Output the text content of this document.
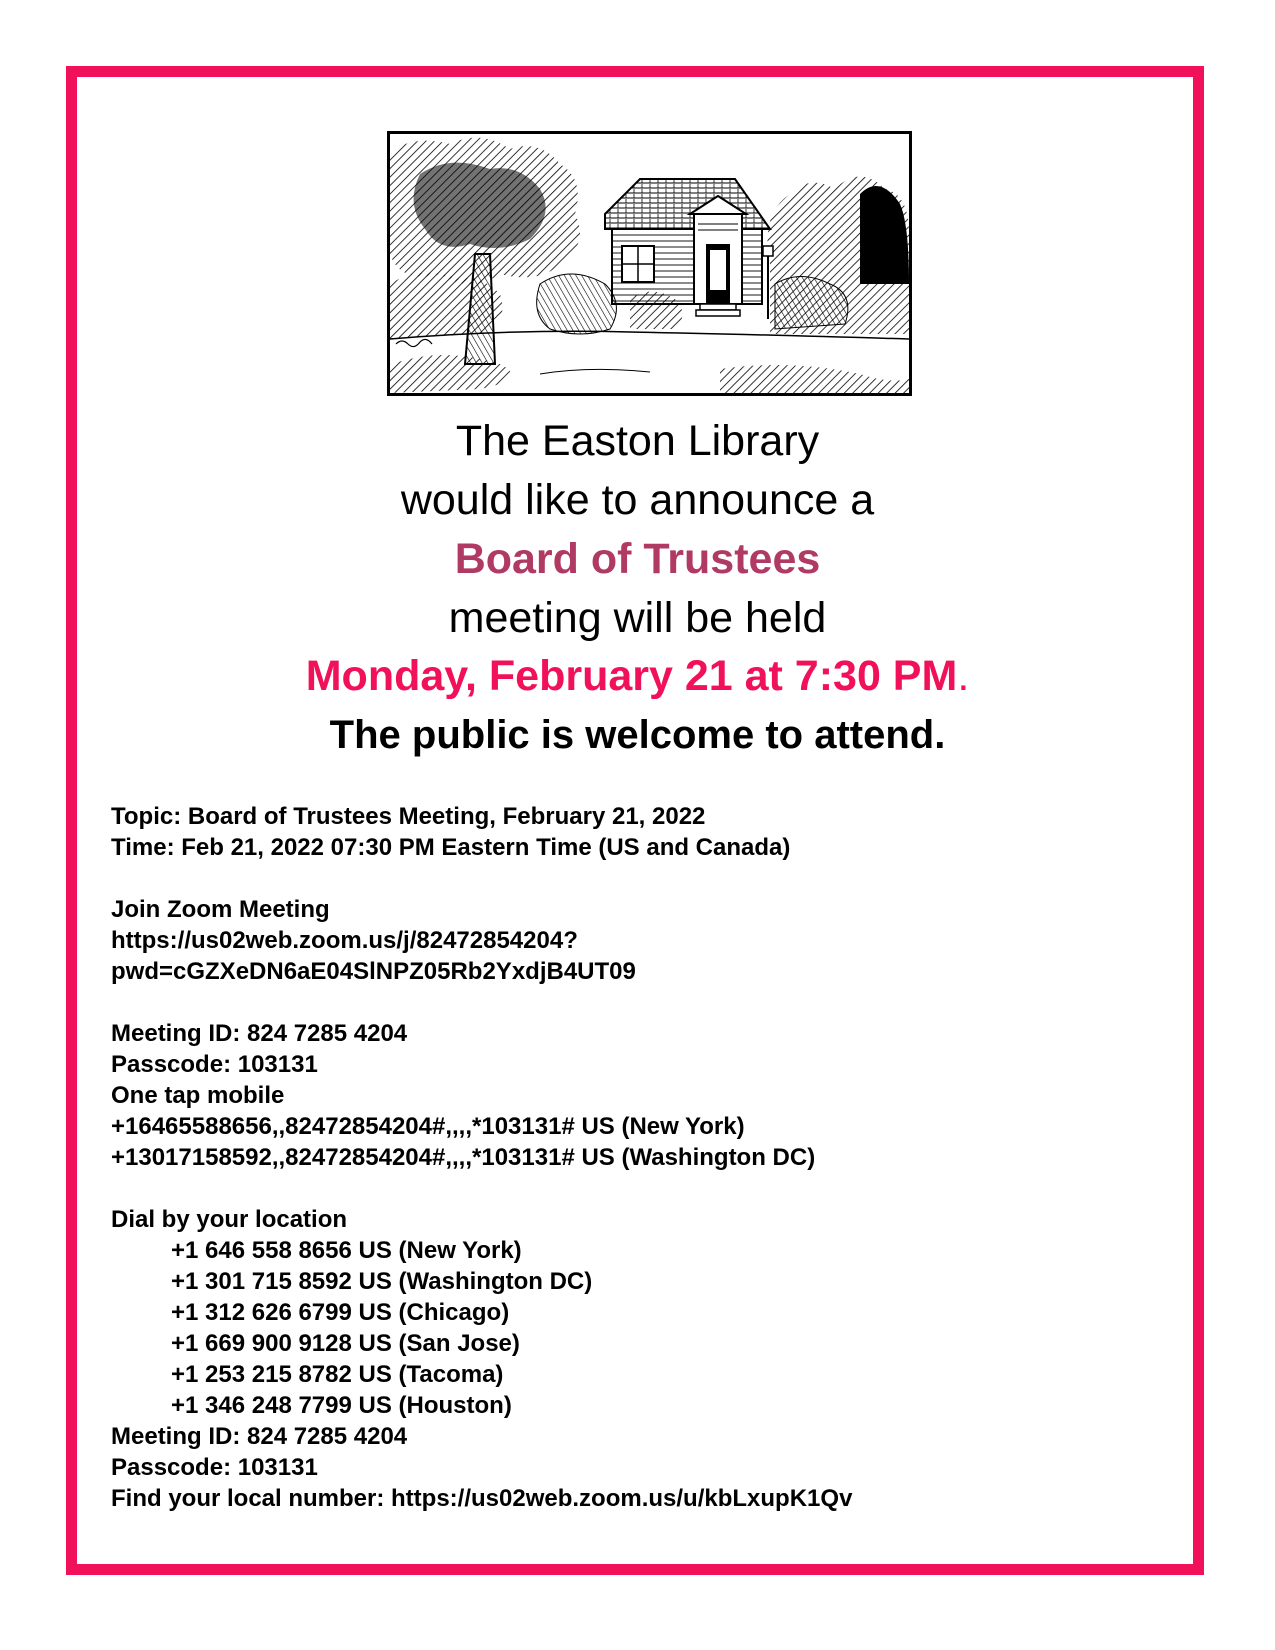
The Easton Library

would like to announce a

Board of Trustees

meeting will be held

Monday, February 21 at 7:30 PM.

The public is welcome to attend.

Topic: Board of Trustees Meeting, February 21, 2022
Time: Feb 21, 2022 07:30 PM Eastern Time (US and Canada)
Join Zoom Meeting
https://us02web.zoom.us/j/82472854204?
pwd=cGZXeDN6aE04SlNPZ05Rb2YxdjB4UT09
Meeting ID: 824 7285 4204
Passcode: 103131
One tap mobile
+16465588656,,82472854204#,,,,*103131# US (New York)
+13017158592,,82472854204#,,,,*103131# US (Washington DC)
Dial by your location
+1 646 558 8656 US (New York)
+1 301 715 8592 US (Washington DC)
+1 312 626 6799 US (Chicago)
+1 669 900 9128 US (San Jose)
+1 253 215 8782 US (Tacoma)
+1 346 248 7799 US (Houston)
Meeting ID: 824 7285 4204
Passcode: 103131
Find your local number: https://us02web.zoom.us/u/kbLxupK1Qv
